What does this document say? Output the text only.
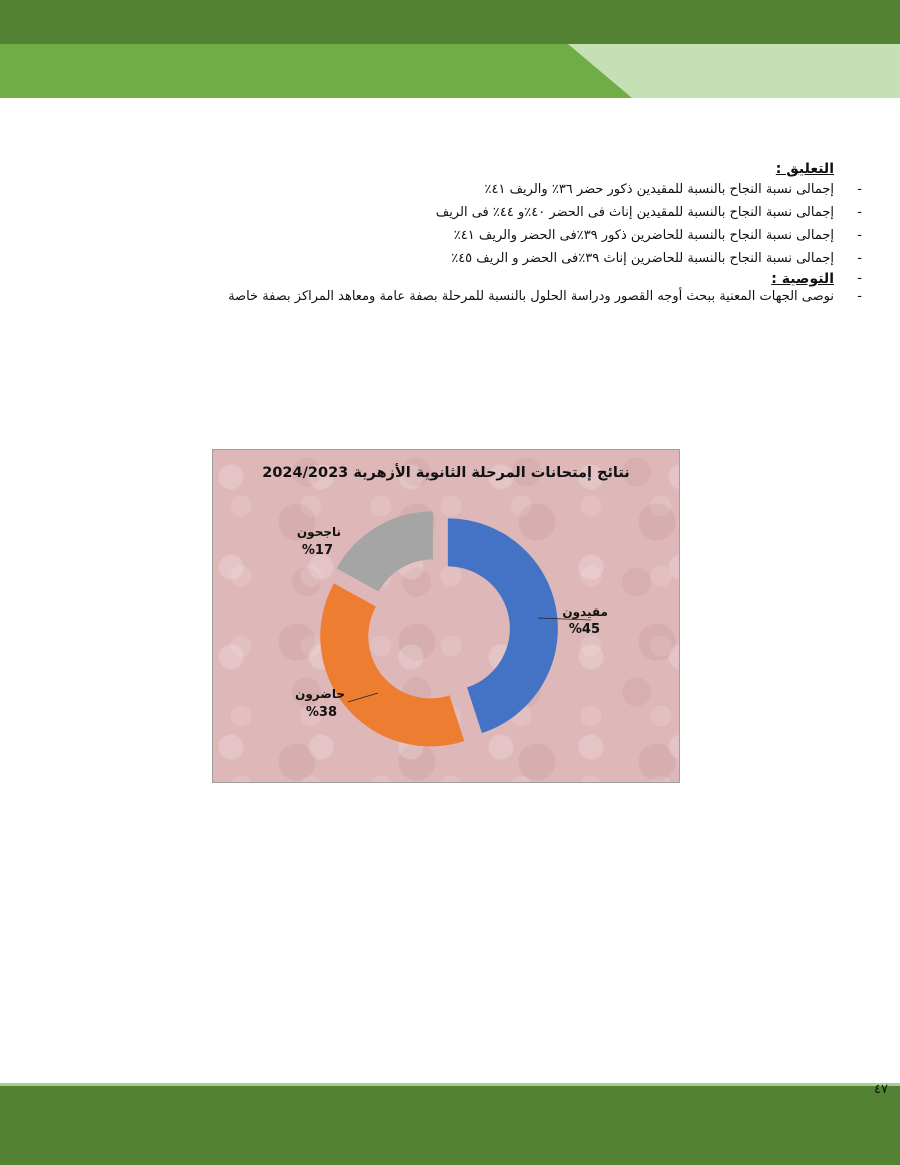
التعليق :
-
إجمالى نسبة النجاح بالنسبة للمقيدين ذكور حضر ٣٦٪ والريف ٤١٪
-
إجمالى نسبة النجاح بالنسبة للمقيدين إناث فى الحضر ٤٠٪و ٤٤٪ فى الريف
-
إجمالى نسبة النجاح بالنسبة للحاضرين ذكور ٣٩٪فى الحضر والريف ٤١٪
-
إجمالى نسبة النجاح بالنسبة للحاضرين إناث ٣٩٪فى الحضر و الريف ٤٥٪
-
التوصية :
-
نوصى الجهات المعنية ببحث أوجه القصور ودراسة الحلول بالنسبة للمرحلة بصفة عامة ومعاهد المراكز بصفة خاصة
نتائج إمتحانات المرحلة الثانوية الأزهرية 2024/2023
مقيدون
%45
حاضرون
%38
ناجحون
%17
٤٧
